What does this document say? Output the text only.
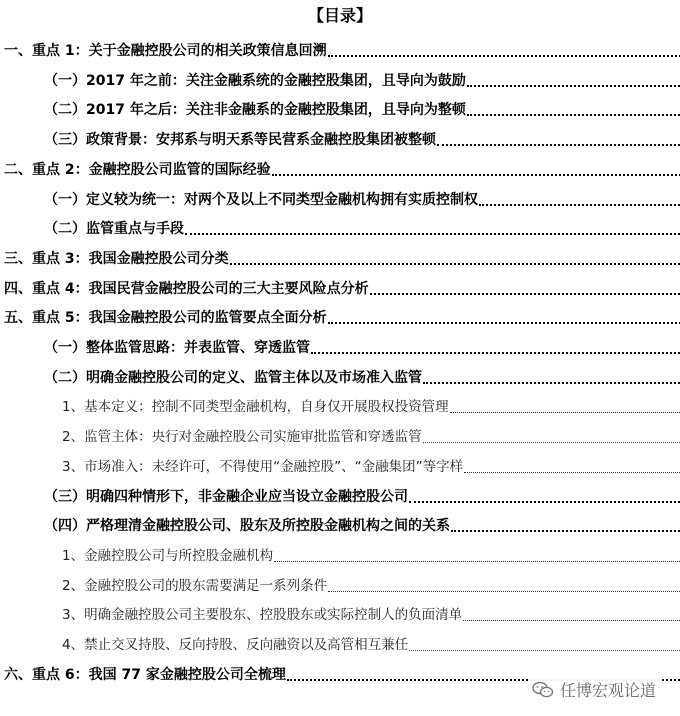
【目录】
一、重点 1：关于金融控股公司的相关政策信息回溯
（一）2017 年之前：关注金融系统的金融控股集团，且导向为鼓励
（二）2017 年之后：关注非金融系的金融控股集团，且导向为整顿
（三）政策背景：安邦系与明天系等民营系金融控股集团被整顿
二、重点 2：金融控股公司监管的国际经验
（一）定义较为统一：对两个及以上不同类型金融机构拥有实质控制权
（二）监管重点与手段
三、重点 3：我国金融控股公司分类
四、重点 4：我国民营金融控股公司的三大主要风险点分析
五、重点 5：我国金融控股公司的监管要点全面分析
（一）整体监管思路：并表监管、穿透监管
（二）明确金融控股公司的定义、监管主体以及市场准入监管
1、基本定义：控制不同类型金融机构，自身仅开展股权投资管理
2、监管主体：央行对金融控股公司实施审批监管和穿透监管
3、市场准入：未经许可，不得使用“金融控股”、“金融集团”等字样
（三）明确四种情形下，非金融企业应当设立金融控股公司
（四）严格理清金融控股公司、股东及所控股金融机构之间的关系
1、金融控股公司与所控股金融机构
2、金融控股公司的股东需要满足一系列条件
3、明确金融控股公司主要股东、控股股东或实际控制人的负面清单
4、禁止交叉持股、反向持股、反向融资以及高管相互兼任
六、重点 6：我国 77 家金融控股公司全梳理
任博宏观论道
